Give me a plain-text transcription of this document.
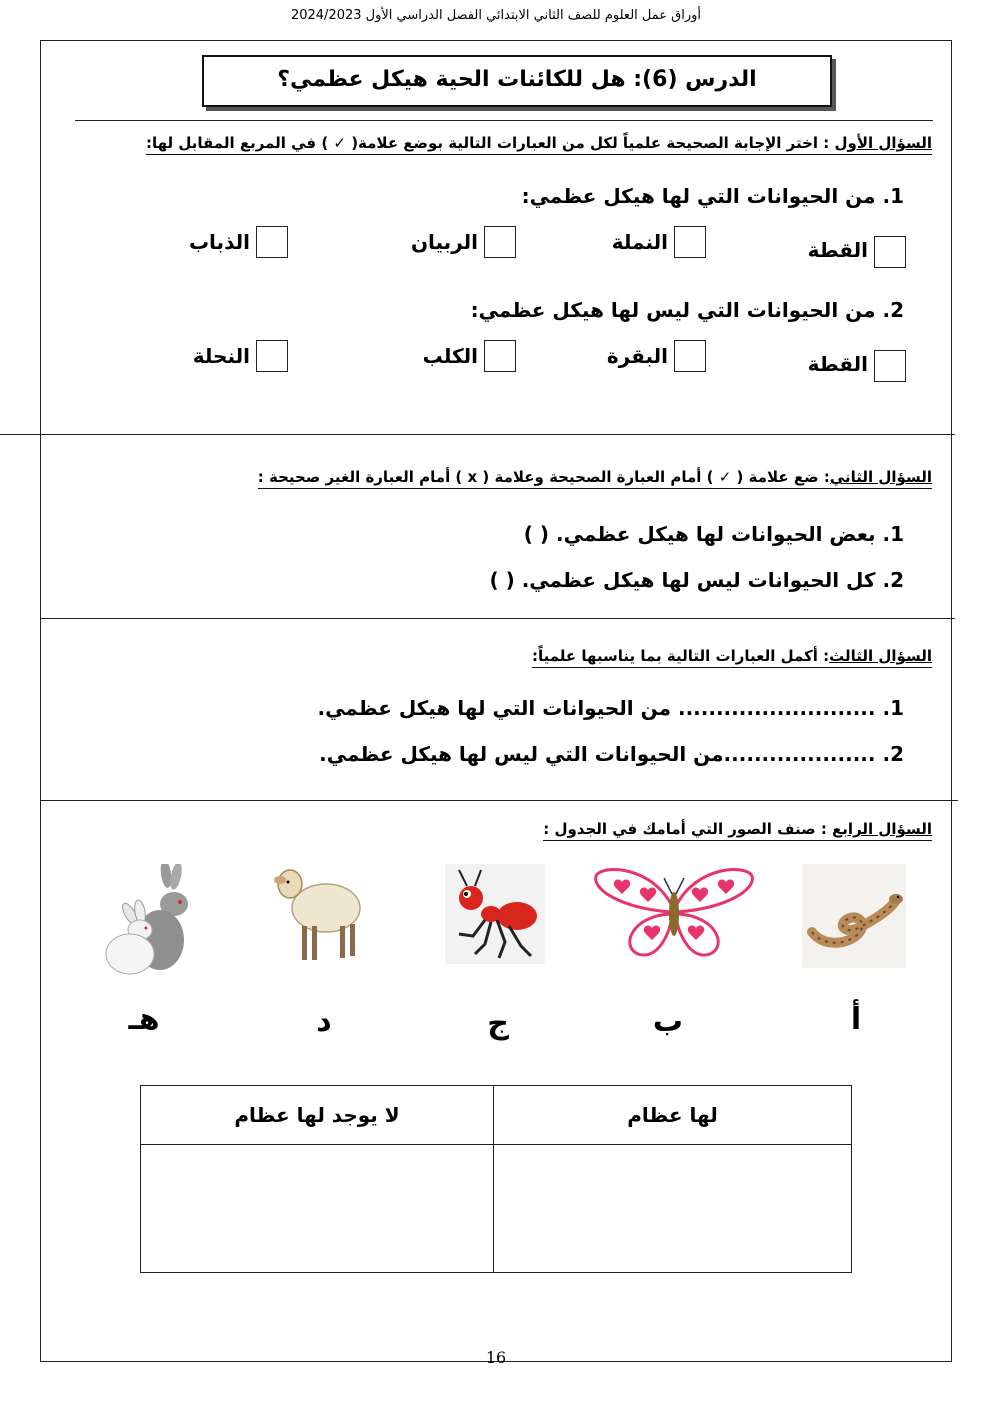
أوراق عمل العلوم للصف الثاني الابتدائي الفصل الدراسي الأول 2024/2023
الدرس (6): هل للكائنات الحية هيكل عظمي؟
السؤال الأول : اختر الإجابة الصحيحة علمياً لكل من العبارات التالية بوضع علامة( ✓ ) في المربع المقابل لها:
1. من الحيوانات التي لها هيكل عظمي:
القطة
النملة
الربيان
الذباب
2. من الحيوانات التي ليس لها هيكل عظمي:
القطة
البقرة
الكلب
النحلة
السؤال الثاني: ضع علامة ( ✓ ) أمام العبارة الصحيحة وعلامة ( x ) أمام العبارة الغير صحيحة :
1. بعض الحيوانات لها هيكل عظمي. ( )
2. كل الحيوانات ليس لها هيكل عظمي. ( )
السؤال الثالث: أكمل العبارات التالية بما يناسبها علمياً:
1. .......................... من الحيوانات التي لها هيكل عظمي.
2. ....................من الحيوانات التي ليس لها هيكل عظمي.
السؤال الرابع : صنف الصور التي أمامك في الجدول :
أ
ب
ج
د
هـ
لها عظام	لا يوجد لها عظام

16
